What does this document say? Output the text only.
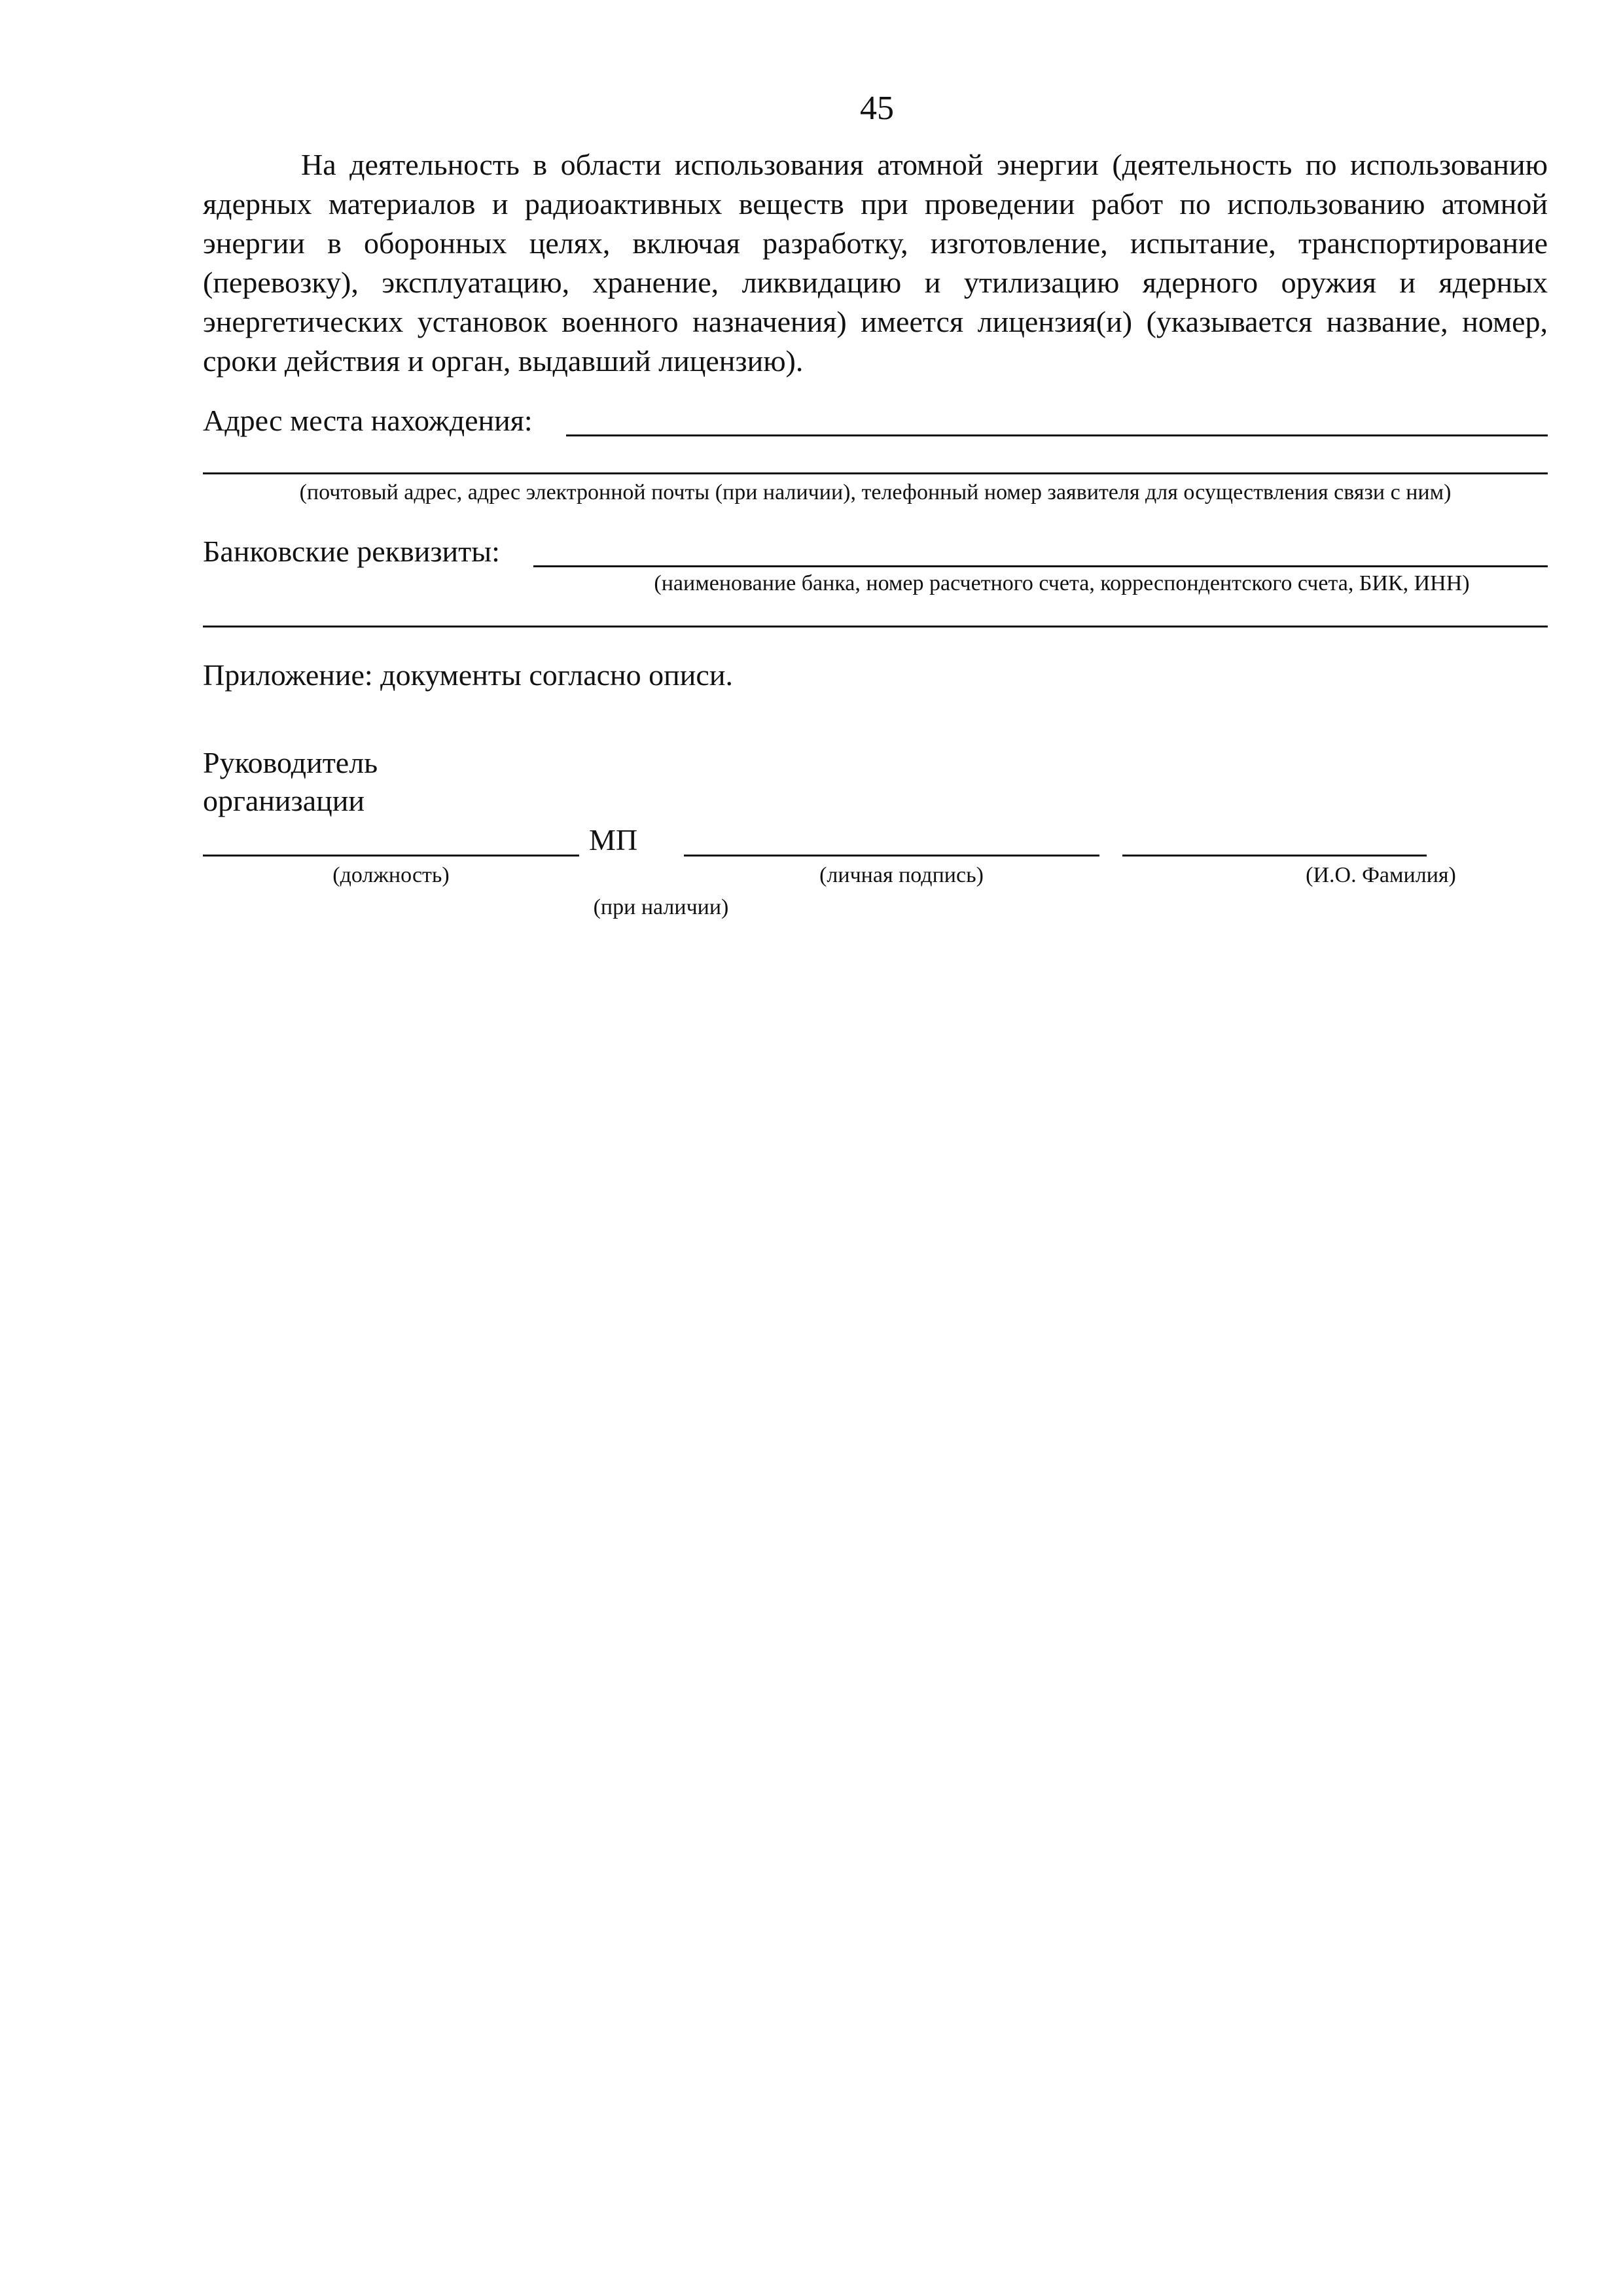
45

На деятельность в области использования атомной энергии (деятельность по использованию ядерных материалов и радиоактивных веществ при проведении работ по использованию атомной энергии в оборонных целях, включая разработку, изготовление, испытание, транспортирование (перевозку), эксплуатацию, хранение, ликвидацию и утилизацию ядерного оружия и ядерных энергетических установок военного назначения) имеется лицензия(и) (указывается название, номер, сроки действия и орган, выдавший лицензию).

Адрес места нахождения:
(почтовый адрес, адрес электронной почты (при наличии), телефонный номер заявителя для осуществления связи с ним)
Банковские реквизиты:
(наименование банка, номер расчетного счета, корреспондентского счета, БИК, ИНН)
Приложение: документы согласно описи.
Руководитель
организации
МП
(должность)	(личная подпись)	(И.О. Фамилия)
(при наличии)
